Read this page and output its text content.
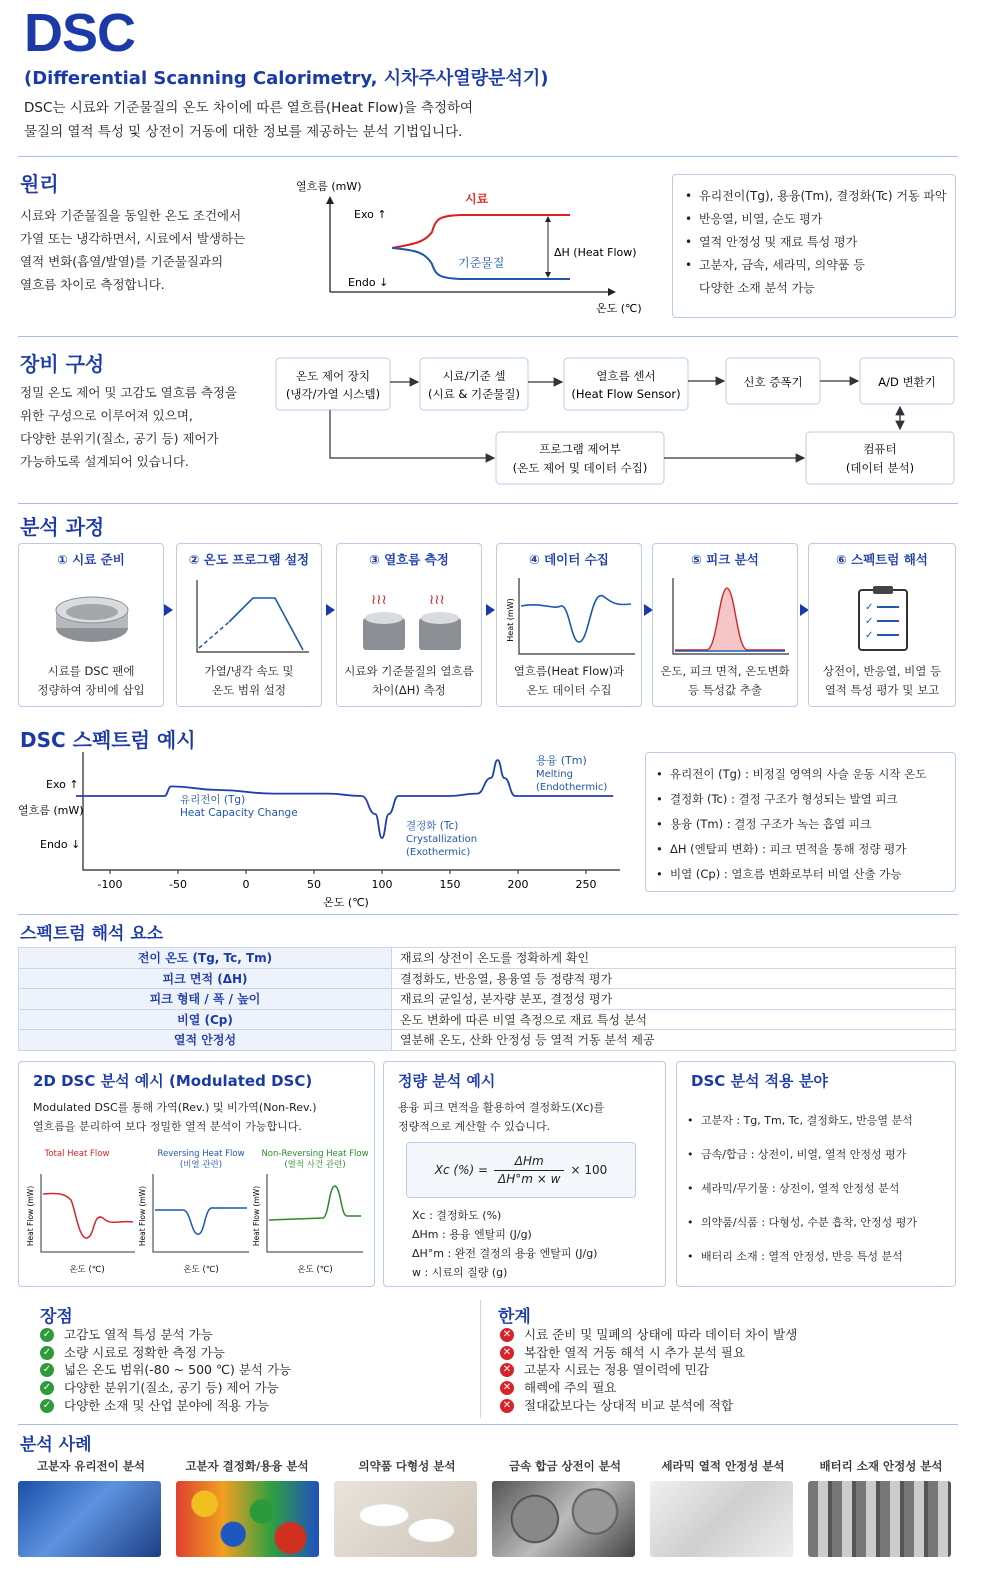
DSC
(Differential Scanning Calorimetry, 시차주사열량분석기)
DSC는 시료와 기준물질의 온도 차이에 따른 열흐름(Heat Flow)을 측정하여
물질의 열적 특성 및 상전이 거동에 대한 정보를 제공하는 분석 기법입니다.
원리
시료와 기준물질을 동일한 온도 조건에서
가열 또는 냉각하면서, 시료에서 발생하는
열적 변화(흡열/발열)를 기준물질과의
열흐름 차이로 측정합니다.
열흐름 (mW)
Exo ↑
Endo ↓
시료
기준물질
ΔH (Heat Flow)
온도 (℃)
• 유리전이(Tg), 용융(Tm), 결정화(Tc) 거동 파악
• 반응열, 비열, 순도 평가
• 열적 안정성 및 재료 특성 평가
• 고분자, 금속, 세라믹, 의약품 등
다양한 소재 분석 가능
장비 구성
정밀 온도 제어 및 고감도 열흐름 측정을
위한 구성으로 이루어져 있으며,
다양한 분위기(질소, 공기 등) 제어가
가능하도록 설계되어 있습니다.
온도 제어 장치
(냉각/가열 시스템)
시료/기준 셀
(시료 & 기준물질)
열흐름 센서
(Heat Flow Sensor)
신호 증폭기	A/D 변환기
프로그램 제어부
(온도 제어 및 데이터 수집)
컴퓨터
(데이터 분석)
분석 과정
① 시료 준비
시료를 DSC 팬에
정량하여 장비에 삽입
② 온도 프로그램 설정
가열/냉각 속도 및
온도 범위 설정
③ 열흐름 측정
≀≀≀	≀≀≀
시료와 기준물질의 열흐름
차이(ΔH) 측정
④ 데이터 수집
Heat (mW)
열흐름(Heat Flow)과
온도 데이터 수집
⑤ 피크 분석
온도, 피크 면적, 온도변화
등 특성값 추출
⑥ 스펙트럼 해석
✓
✓
✓
상전이, 반응열, 비열 등
열적 특성 평가 및 보고
DSC 스펙트럼 예시
Exo ↑
열흐름 (mW)
Endo ↓
-100	-50	0	50	100	150	200	250
온도 (℃)
유리전이 (Tg)
Heat Capacity Change
결정화 (Tc)
Crystallization
(Exothermic)
용융 (Tm)
Melting
(Endothermic)
• 유리전이 (Tg) : 비정질 영역의 사슬 운동 시작 온도
• 결정화 (Tc) : 결정 구조가 형성되는 발열 피크
• 용융 (Tm) : 결정 구조가 녹는 흡열 피크
• ΔH (엔탈피 변화) : 피크 면적을 통해 정량 평가
• 비열 (Cp) : 열흐름 변화로부터 비열 산출 가능
스펙트럼 해석 요소
전이 온도 (Tg, Tc, Tm)	재료의 상전이 온도를 정확하게 확인
피크 면적 (ΔH)	결정화도, 반응열, 용융열 등 정량적 평가
피크 형태 / 폭 / 높이	재료의 균일성, 분자량 분포, 결정성 평가
비열 (Cp)	온도 변화에 따른 비열 측정으로 재료 특성 분석
열적 안정성	열분해 온도, 산화 안정성 등 열적 거동 분석 제공
2D DSC 분석 예시 (Modulated DSC)
Modulated DSC를 통해 가역(Rev.) 및 비가역(Non-Rev.)
열흐름을 분리하여 보다 정밀한 열적 분석이 가능합니다.
Total Heat Flow	Reversing Heat Flow
(비열 관련)
Non-Reversing Heat Flow
(열적 사건 관련)
Heat Flow (mW)	Heat Flow (mW)	Heat Flow (mW)
온도 (℃)	온도 (℃)	온도 (℃)
정량 분석 예시
용융 피크 면적을 활용하여 결정화도(Xc)를
정량적으로 계산할 수 있습니다.
Xc (%) =
ΔHm
ΔH°m × w
× 100
Xc : 결정화도 (%)
ΔHm : 용융 엔탈피 (J/g)
ΔH°m : 완전 결정의 용융 엔탈피 (J/g)
w : 시료의 질량 (g)
DSC 분석 적용 분야
• 고분자 : Tg, Tm, Tc, 결정화도, 반응열 분석
• 금속/합금 : 상전이, 비열, 열적 안정성 평가
• 세라믹/무기물 : 상전이, 열적 안정성 분석
• 의약품/식품 : 다형성, 수분 흡착, 안정성 평가
• 배터리 소재 : 열적 안정성, 반응 특성 분석
장점
✓ 고감도 열적 특성 분석 가능
✓ 소량 시료로 정확한 측정 가능
✓ 넓은 온도 범위(-80 ~ 500 ℃) 분석 가능
✓ 다양한 분위기(질소, 공기 등) 제어 가능
✓ 다양한 소재 및 산업 분야에 적용 가능
한계
✕ 시료 준비 및 밀폐의 상태에 따라 데이터 차이 발생
✕ 복잡한 열적 거동 해석 시 추가 분석 필요
✕ 고분자 시료는 정용 열이력에 민감
✕ 해렉에 주의 필요
✕ 절대값보다는 상대적 비교 분석에 적합
분석 사례
고분자 유리전이 분석	고분자 결정화/용융 분석	의약품 다형성 분석	금속 합금 상전이 분석	세라믹 열적 안정성 분석	배터리 소재 안정성 분석
